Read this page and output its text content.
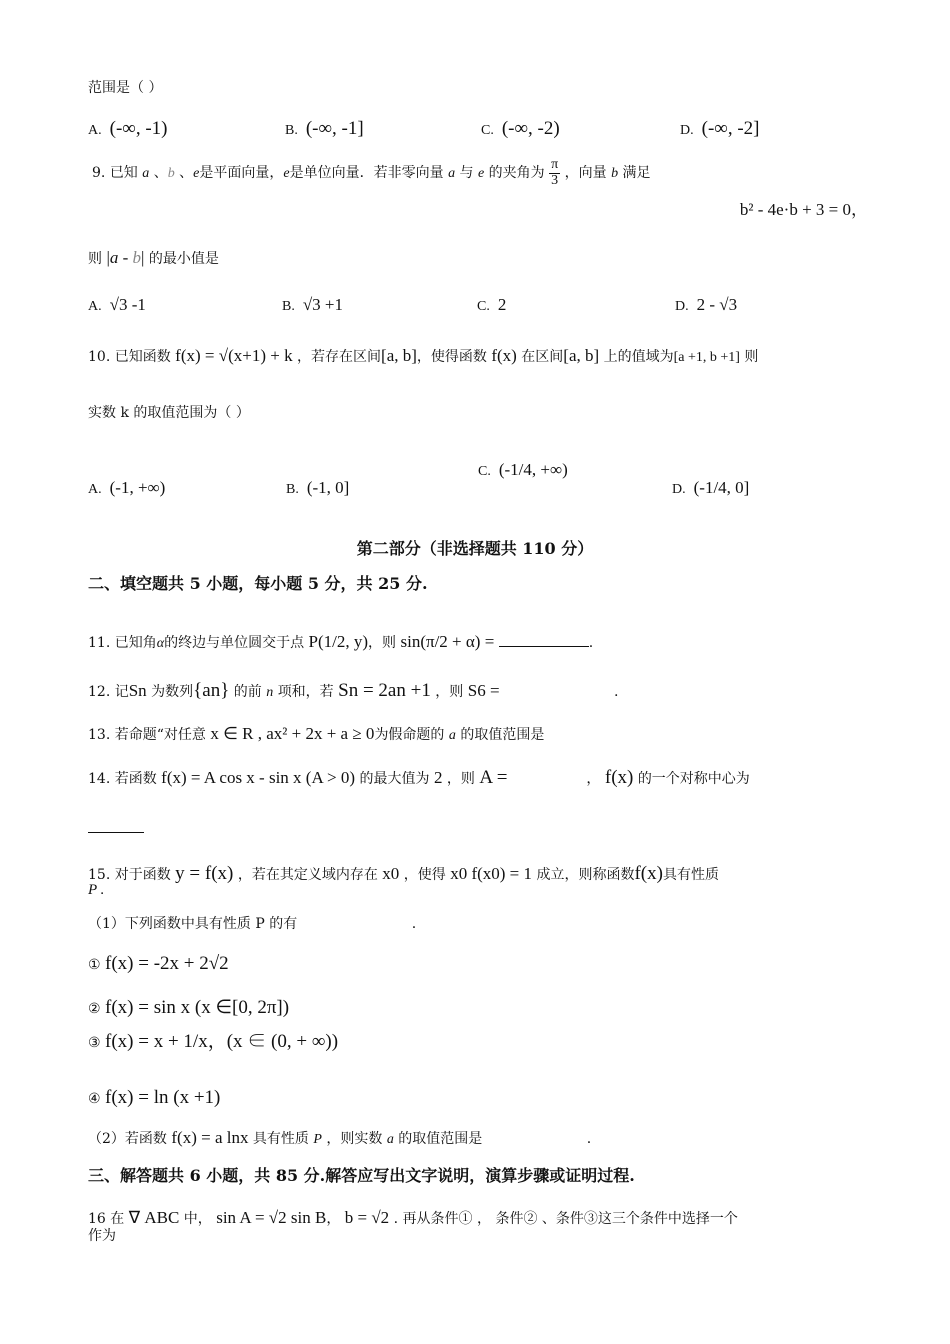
范围是（ ）
A. (-∞, -1)	B. (-∞, -1]	C. (-∞, -2)	D. (-∞, -2]
9. 已知 a 、b 、e是平面向量，e是单位向量．若非零向量 a 与 e 的夹角为 $\frac{\pi}{3}$ ，向量 b 满足
b² - 4e·b + 3 = 0，
则 |a - b| 的最小值是
A. √3 -1	B. √3 +1	C. 2	D. 2 - √3
10. 已知函数 f(x) = √(x+1) + k ，若存在区间[a, b]，使得函数 f(x) 在区间[a, b] 上的值域为[a +1, b +1] 则
实数 k 的取值范围为（ ）
A. (-1, +∞)	B. (-1, 0]
C. (-1/4, +∞)
D. (-1/4, 0]
第二部分（非选择题共 110 分）
二、填空题共 5 小题，每小题 5 分，共 25 分.
11. 已知角α的终边与单位圆交于点 P(1/2, y)，则 sin(π/2 + α) =	.
12. 记Sn 为数列{an} 的前 n 项和，若 Sn = 2an +1 ，则 S6 =	.
13. 若命题“对任意 x ∈ R , ax² + 2x + a ≥ 0为假命题的 a 的取值范围是
14. 若函数 f(x) = A cos x - sin x (A > 0) 的最大值为 2 ，则 A =	， f(x) 的一个对称中心为
15. 对于函数 y = f(x) ，若在其定义域内存在 x0 ，使得 x0 f(x0) = 1 成立，则称函数f(x)具有性质
P .
（1）下列函数中具有性质 P 的有	.
① f(x) = -2x + 2√2
② f(x) = sin x (x ∈[0, 2π])
③ f(x) = x + 1/x，(x ∈ (0, + ∞))
④ f(x) = ln (x +1)
（2）若函数 f(x) = a lnx 具有性质 P ，则实数 a 的取值范围是	.
三、解答题共 6 小题，共 85 分.解答应写出文字说明，演算步骤或证明过程.
16 在 ∇ ABC 中， sin A = √2 sin B， b = √2 . 再从条件① ， 条件② 、条件③这三个条件中选择一个
作为
